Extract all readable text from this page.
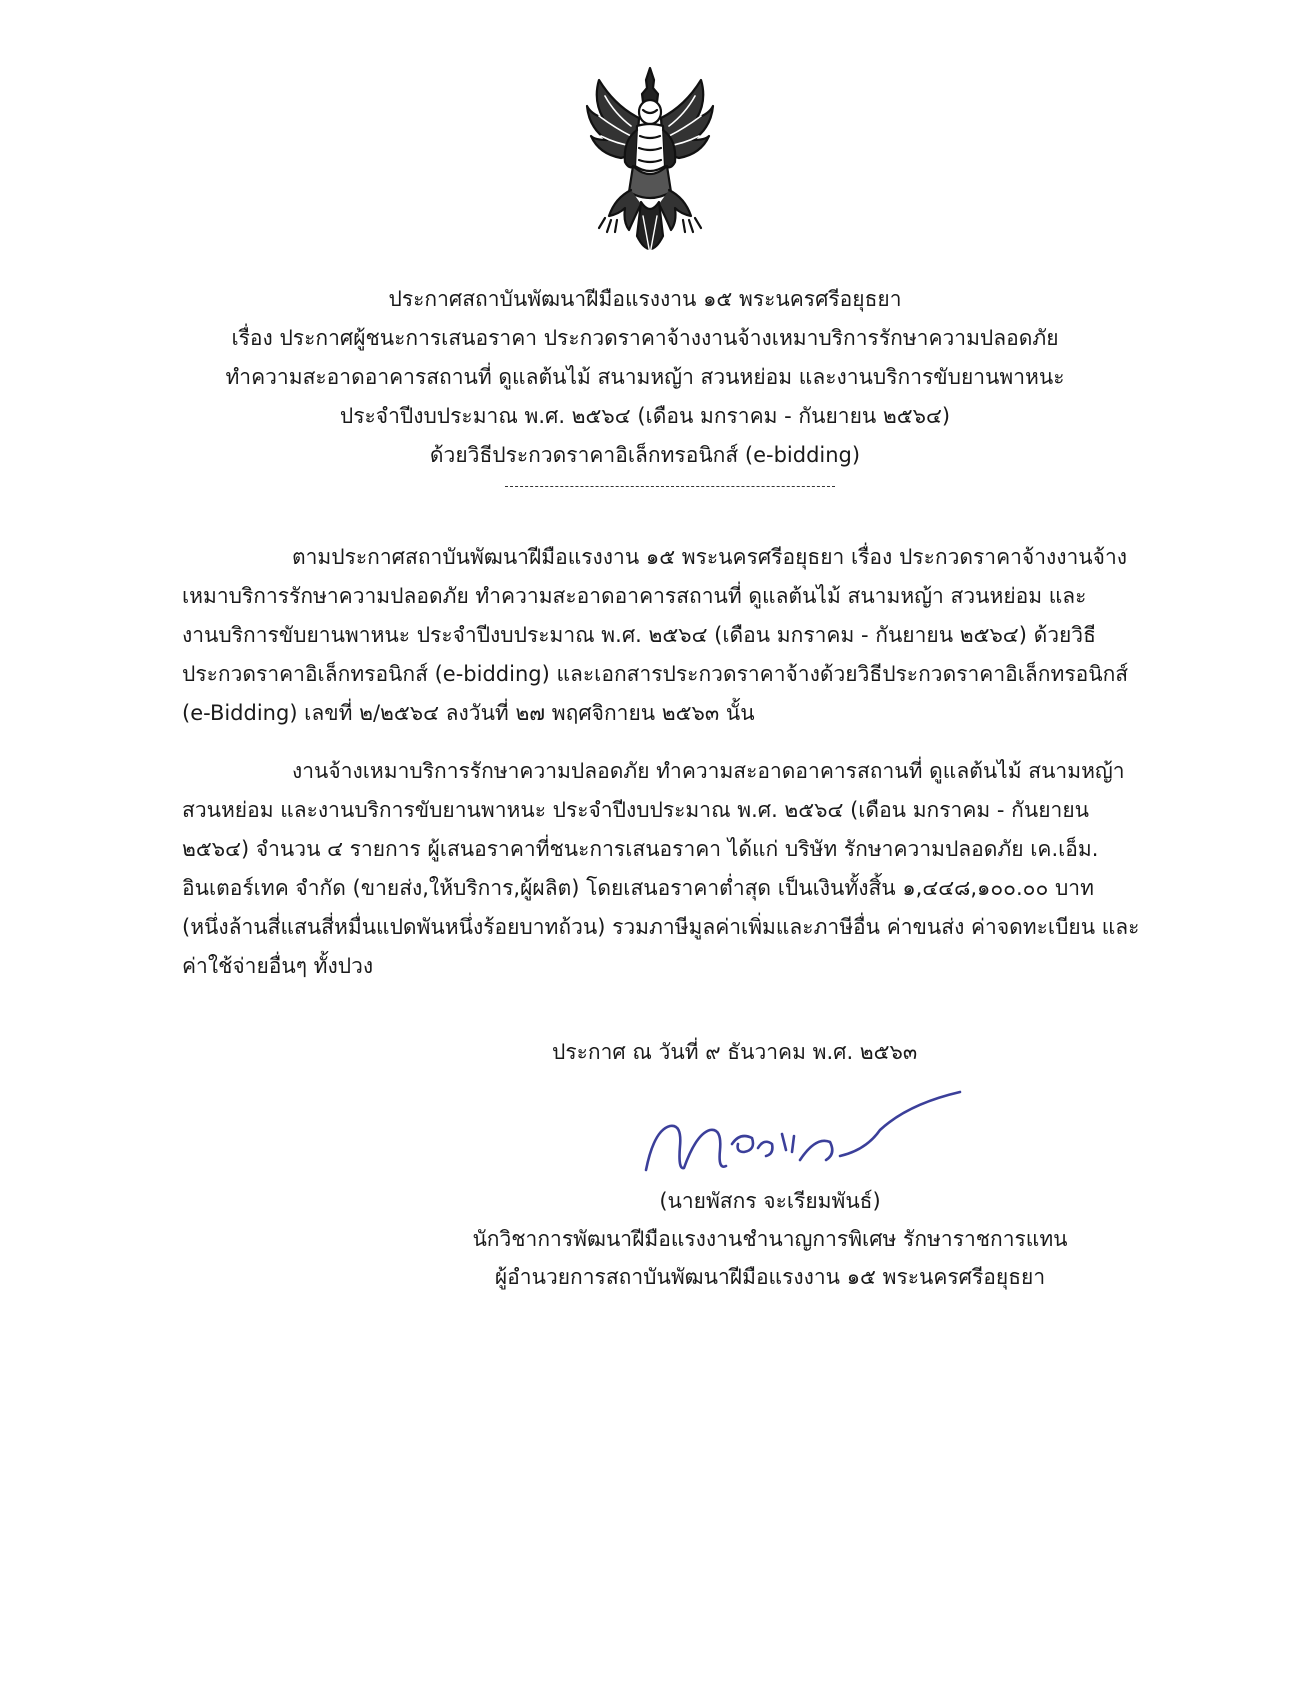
ประกาศสถาบันพัฒนาฝีมือแรงงาน ๑๕ พระนครศรีอยุธยา
เรื่อง ประกาศผู้ชนะการเสนอราคา ประกวดราคาจ้างงานจ้างเหมาบริการรักษาความปลอดภัย
ทำความสะอาดอาคารสถานที่ ดูแลต้นไม้ สนามหญ้า สวนหย่อม และงานบริการขับยานพาหนะ
ประจำปีงบประมาณ พ.ศ. ๒๕๖๔ (เดือน มกราคม - กันยายน ๒๕๖๔)
ด้วยวิธีประกวดราคาอิเล็กทรอนิกส์ (e-bidding)
ตามประกาศสถาบันพัฒนาฝีมือแรงงาน ๑๕ พระนครศรีอยุธยา เรื่อง ประกวดราคาจ้างงานจ้าง
เหมาบริการรักษาความปลอดภัย ทำความสะอาดอาคารสถานที่ ดูแลต้นไม้ สนามหญ้า สวนหย่อม และ
งานบริการขับยานพาหนะ ประจำปีงบประมาณ พ.ศ. ๒๕๖๔ (เดือน มกราคม - กันยายน ๒๕๖๔) ด้วยวิธี
ประกวดราคาอิเล็กทรอนิกส์ (e-bidding) และเอกสารประกวดราคาจ้างด้วยวิธีประกวดราคาอิเล็กทรอนิกส์
(e-Bidding) เลขที่ ๒/๒๕๖๔ ลงวันที่ ๒๗ พฤศจิกายน ๒๕๖๓ นั้น
งานจ้างเหมาบริการรักษาความปลอดภัย ทำความสะอาดอาคารสถานที่ ดูแลต้นไม้ สนามหญ้า
สวนหย่อม และงานบริการขับยานพาหนะ ประจำปีงบประมาณ พ.ศ. ๒๕๖๔ (เดือน มกราคม - กันยายน
๒๕๖๔) จำนวน ๔ รายการ ผู้เสนอราคาที่ชนะการเสนอราคา ได้แก่ บริษัท รักษาความปลอดภัย เค.เอ็ม.
อินเตอร์เทค จำกัด (ขายส่ง,ให้บริการ,ผู้ผลิต) โดยเสนอราคาต่ำสุด เป็นเงินทั้งสิ้น ๑,๔๔๘,๑๐๐.๐๐ บาท
(หนึ่งล้านสี่แสนสี่หมื่นแปดพันหนึ่งร้อยบาทถ้วน) รวมภาษีมูลค่าเพิ่มและภาษีอื่น ค่าขนส่ง ค่าจดทะเบียน และ
ค่าใช้จ่ายอื่นๆ ทั้งปวง
ประกาศ ณ วันที่ ๙ ธันวาคม พ.ศ. ๒๕๖๓
(นายพัสกร จะเรียมพันธ์)
นักวิชาการพัฒนาฝีมือแรงงานชำนาญการพิเศษ รักษาราชการแทน
ผู้อำนวยการสถาบันพัฒนาฝีมือแรงงาน ๑๕ พระนครศรีอยุธยา
